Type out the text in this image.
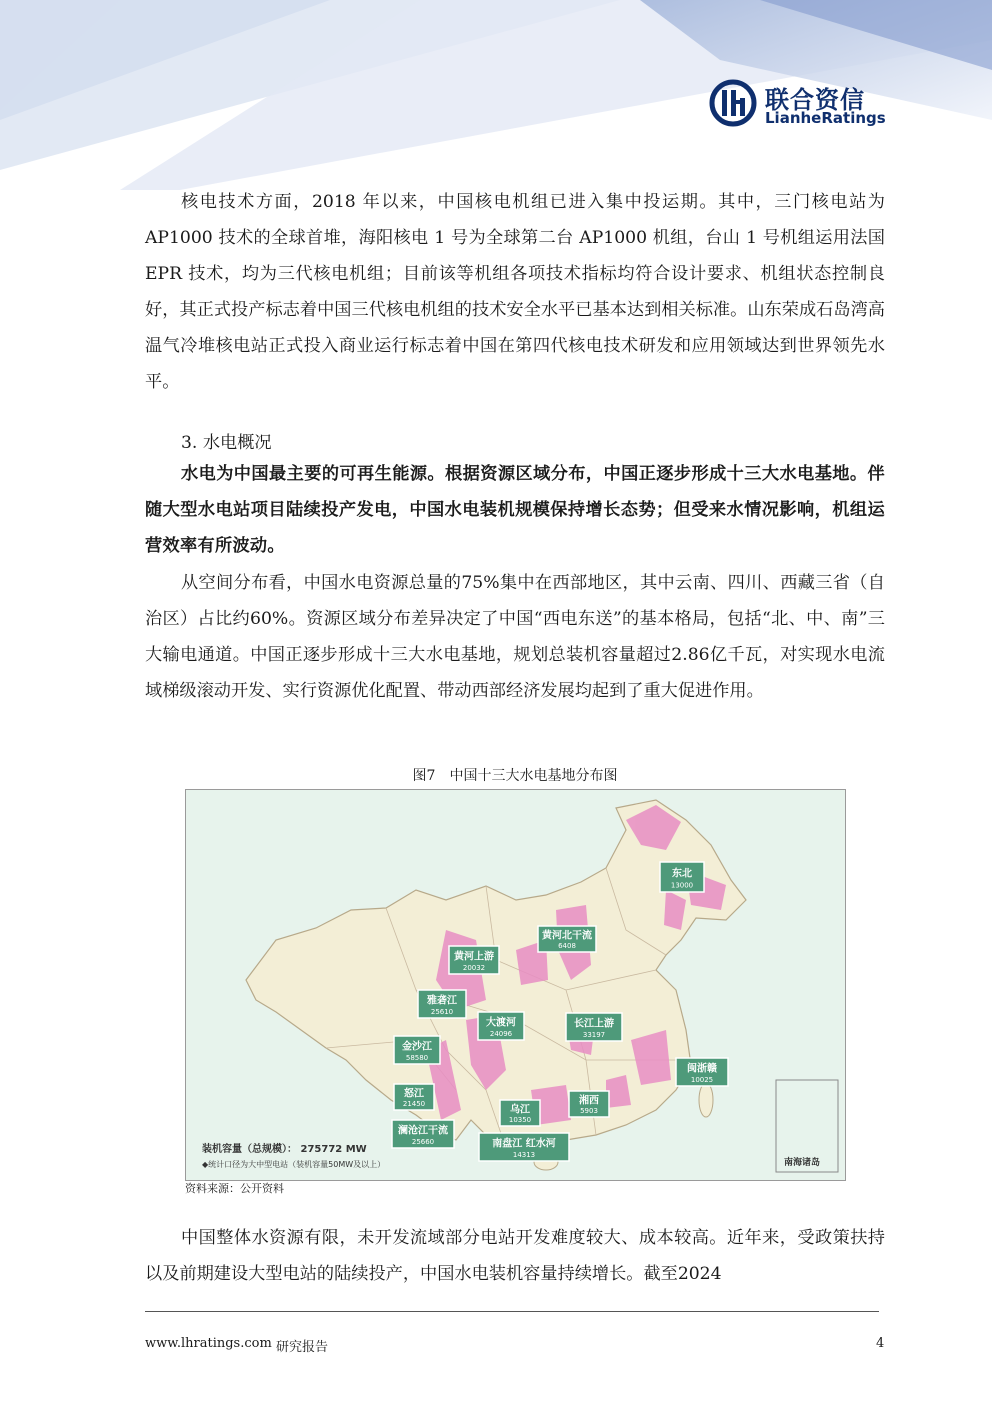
联合资信
LianheRatings

核电技术方面，2018 年以来，中国核电机组已进入集中投运期。其中，三门核电站为 AP1000 技术的全球首堆，海阳核电 1 号为全球第二台 AP1000 机组，台山 1 号机组运用法国 EPR 技术，均为三代核电机组；目前该等机组各项技术指标均符合设计要求、机组状态控制良好，其正式投产标志着中国三代核电机组的技术安全水平已基本达到相关标准。山东荣成石岛湾高温气冷堆核电站正式投入商业运行标志着中国在第四代核电技术研发和应用领域达到世界领先水平。

3. 水电概况

水电为中国最主要的可再生能源。根据资源区域分布，中国正逐步形成十三大水电基地。伴随大型水电站项目陆续投产发电，中国水电装机规模保持增长态势；但受来水情况影响，机组运营效率有所波动。

从空间分布看，中国水电资源总量的75%集中在西部地区，其中云南、四川、西藏三省（自治区）占比约60%。资源区域分布差异决定了中国“西电东送”的基本格局，包括“北、中、南”三大输电通道。中国正逐步形成十三大水电基地，规划总装机容量超过2.86亿千瓦，对实现水电流域梯级滚动开发、实行资源优化配置、带动西部经济发展均起到了重大促进作用。

图7　中国十三大水电基地分布图

南海诸岛
装机容量（总规模）： 275772 MW
◆统计口径为大中型电站（装机容量50MW及以上）
东北
13000
黄河北干流
6408
黄河上游
20032
雅砻江
25610
大渡河
24096
长江上游
33197
金沙江
58580
闽浙赣
10025
怒江
21450
乌江
10350
湘西
5903
澜沧江干流
25660	南盘江 红水河
14313

资料来源：公开资料

中国整体水资源有限，未开发流域部分电站开发难度较大、成本较高。近年来，受政策扶持以及前期建设大型电站的陆续投产，中国水电装机容量持续增长。截至2024

www.lhratings.com 研究报告	4
